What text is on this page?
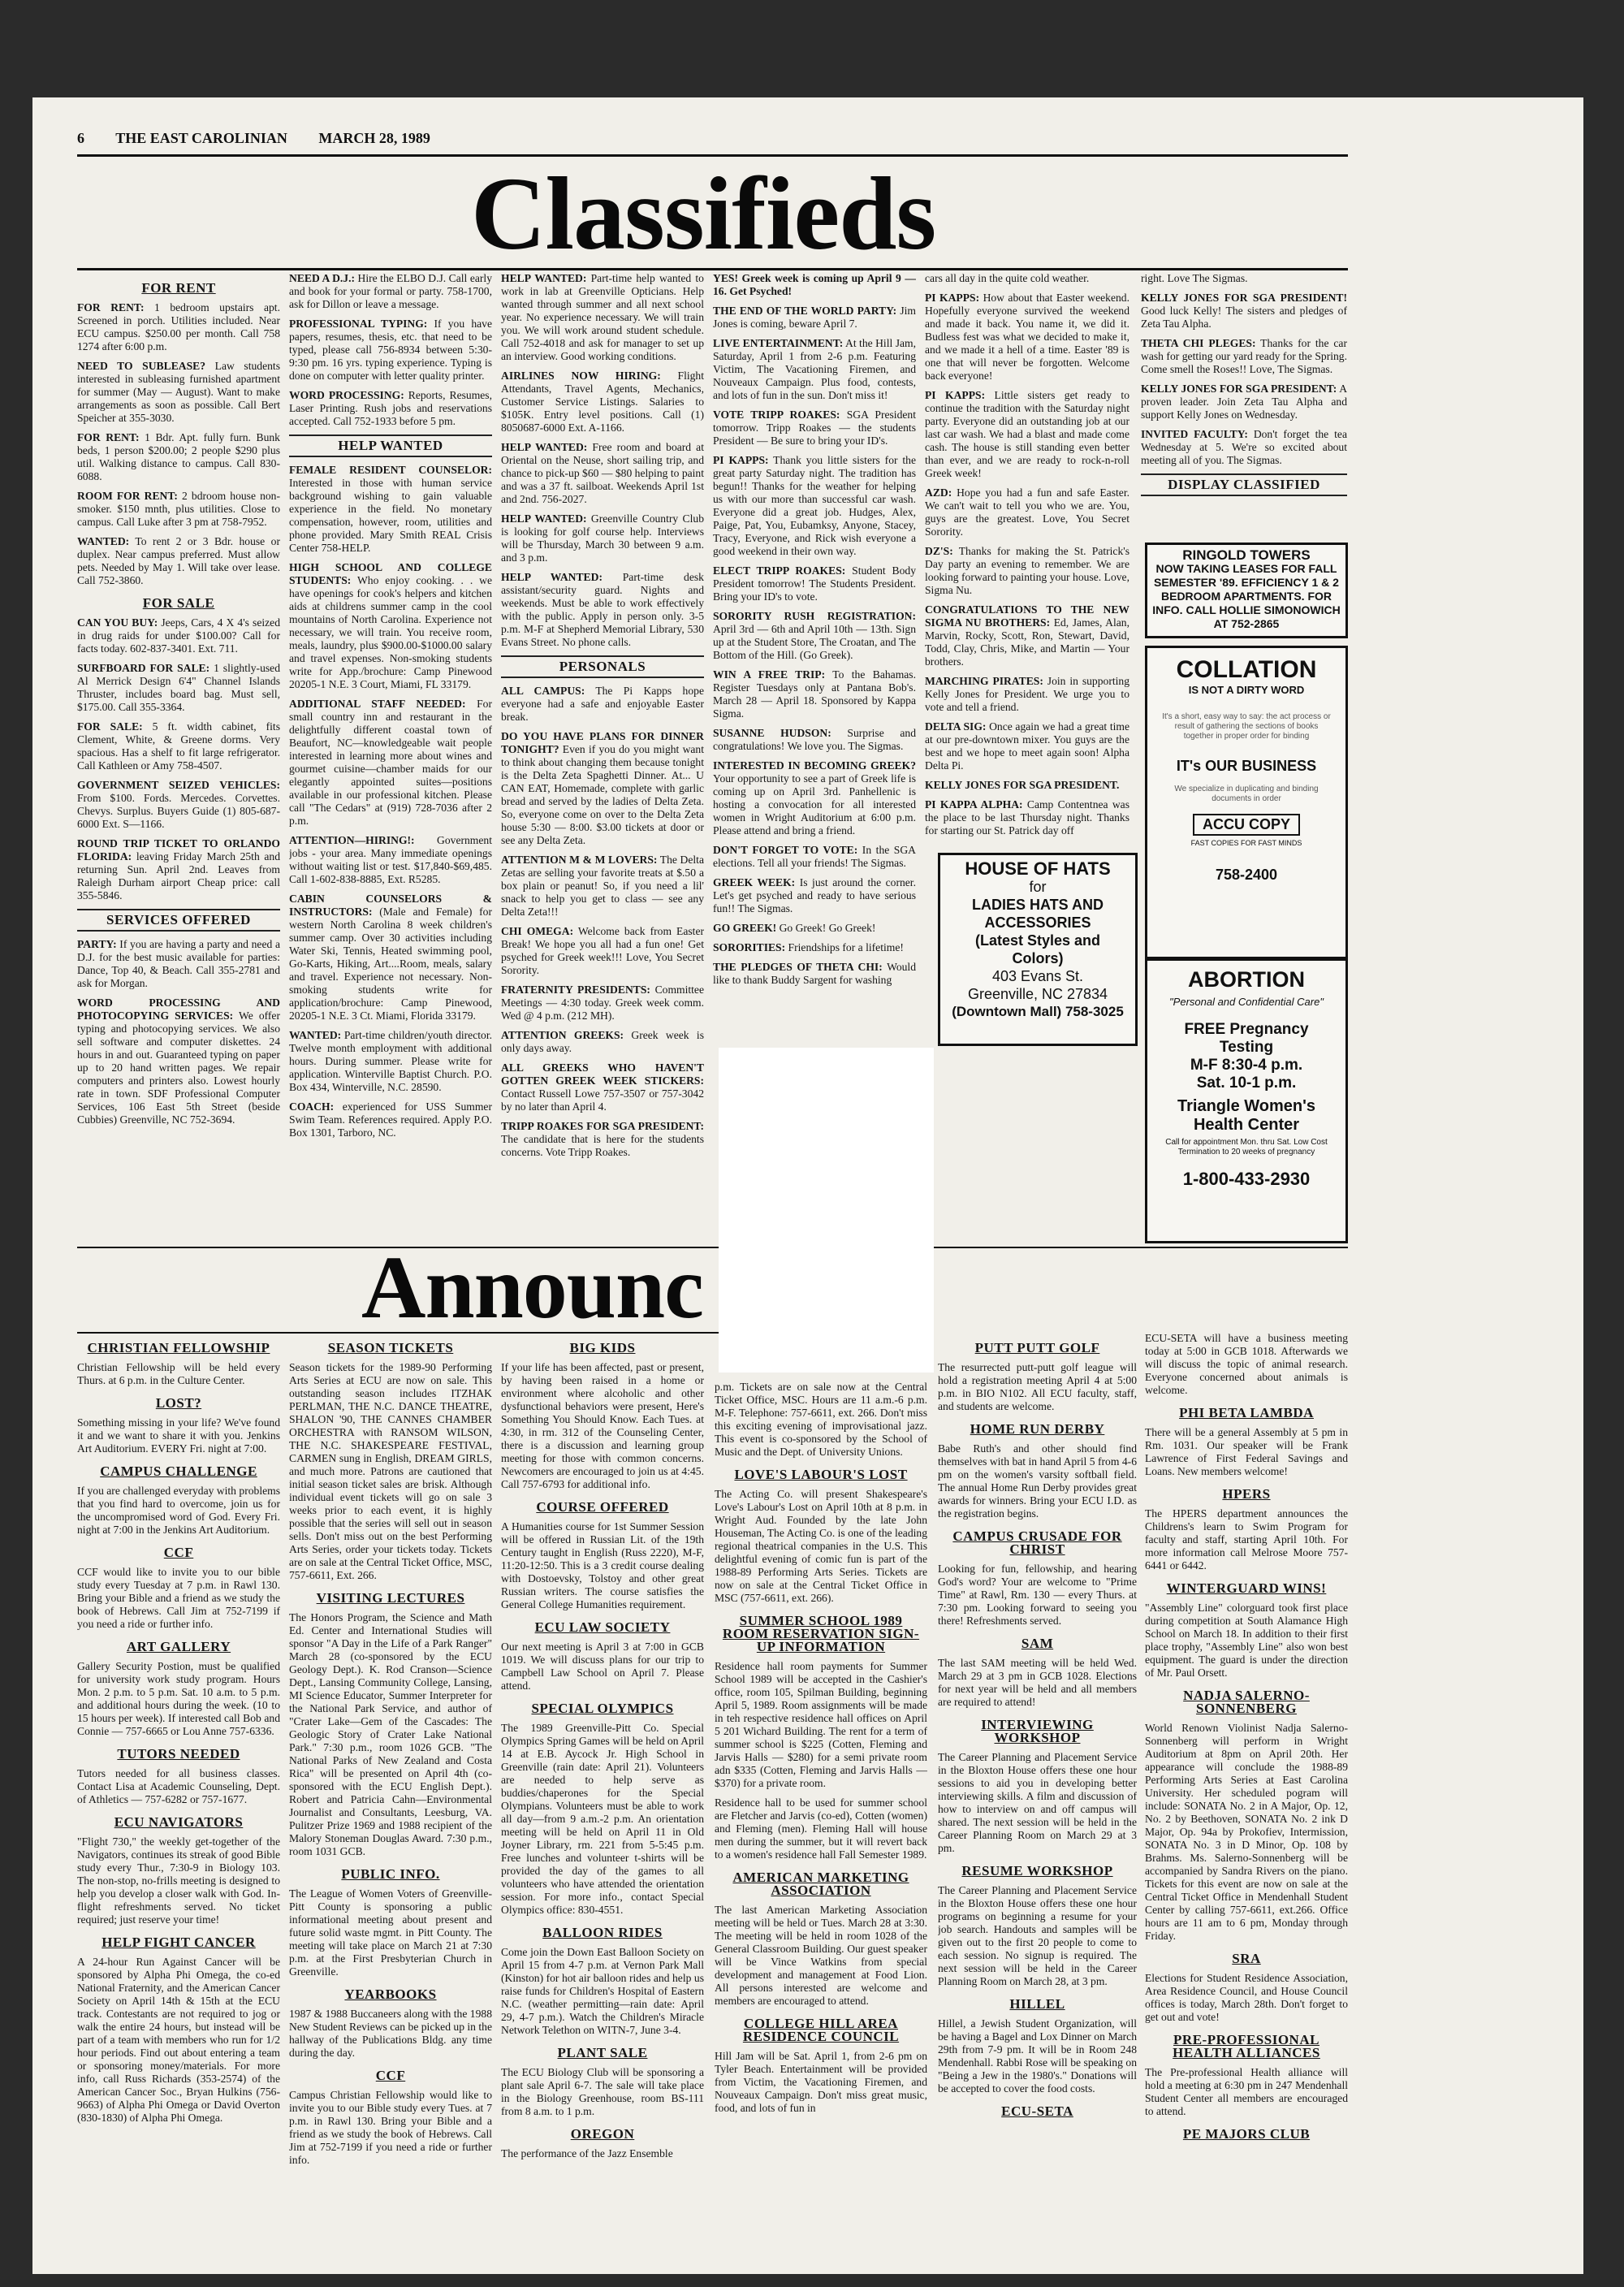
6 THE EAST CAROLINIAN MARCH 28, 1989
Classifieds
FOR RENT

FOR RENT: 1 bedroom upstairs apt. Screened in porch. Utilities included. Near ECU campus. $250.00 per month. Call 758 1274 after 6:00 p.m.

NEED TO SUBLEASE? Law students interested in subleasing furnished apartment for summer (May — August). Want to make arrangements as soon as possible. Call Bert Speicher at 355-3030.

FOR RENT: 1 Bdr. Apt. fully furn. Bunk beds, 1 person $200.00; 2 people $290 plus util. Walking distance to campus. Call 830-6088.

ROOM FOR RENT: 2 bdroom house non-smoker. $150 mnth, plus utilities. Close to campus. Call Luke after 3 pm at 758-7952.

WANTED: To rent 2 or 3 Bdr. house or duplex. Near campus preferred. Must allow pets. Needed by May 1. Will take over lease. Call 752-3860.

FOR SALE

CAN YOU BUY: Jeeps, Cars, 4 X 4's seized in drug raids for under $100.00? Call for facts today. 602-837-3401. Ext. 711.

SURFBOARD FOR SALE: 1 slightly-used Al Merrick Design 6'4" Channel Islands Thruster, includes board bag. Must sell, $175.00. Call 355-3364.

FOR SALE: 5 ft. width cabinet, fits Clement, White, & Greene dorms. Very spacious. Has a shelf to fit large refrigerator. Call Kathleen or Amy 758-4507.

GOVERNMENT SEIZED VEHICLES: From $100. Fords. Mercedes. Corvettes. Chevys. Surplus. Buyers Guide (1) 805-687-6000 Ext. S—1166.

ROUND TRIP TICKET TO ORLANDO FLORIDA: leaving Friday March 25th and returning Sun. April 2nd. Leaves from Raleigh Durham airport Cheap price: call 355-5846.

SERVICES OFFERED

PARTY: If you are having a party and need a D.J. for the best music available for parties: Dance, Top 40, & Beach. Call 355-2781 and ask for Morgan.

WORD PROCESSING AND PHOTOCOPYING SERVICES: We offer typing and photocopying services. We also sell software and computer diskettes. 24 hours in and out. Guaranteed typing on paper up to 20 hand written pages. We repair computers and printers also. Lowest hourly rate in town. SDF Professional Computer Services, 106 East 5th Street (beside Cubbies) Greenville, NC 752-3694.

NEED A D.J.: Hire the ELBO D.J. Call early and book for your formal or party. 758-1700, ask for Dillon or leave a message.

PROFESSIONAL TYPING: If you have papers, resumes, thesis, etc. that need to be typed, please call 756-8934 between 5:30-9:30 pm. 16 yrs. typing experience. Typing is done on computer with letter quality printer.

WORD PROCESSING: Reports, Resumes, Laser Printing. Rush jobs and reservations accepted. Call 752-1933 before 5 pm.

HELP WANTED

FEMALE RESIDENT COUNSELOR: Interested in those with human service background wishing to gain valuable experience in the field. No monetary compensation, however, room, utilities and phone provided. Mary Smith REAL Crisis Center 758-HELP.

HIGH SCHOOL AND COLLEGE STUDENTS: Who enjoy cooking. . . we have openings for cook's helpers and kitchen aids at childrens summer camp in the cool mountains of North Carolina. Experience not necessary, we will train. You receive room, meals, laundry, plus $900.00-$1000.00 salary and travel expenses. Non-smoking students write for App./brochure: Camp Pinewood 20205-1 N.E. 3 Court, Miami, FL 33179.

ADDITIONAL STAFF NEEDED: For small country inn and restaurant in the delightfully different coastal town of Beaufort, NC—knowledgeable wait people interested in learning more about wines and gourmet cuisine—chamber maids for our elegantly appointed suites—positions available in our professional kitchen. Please call "The Cedars" at (919) 728-7036 after 2 p.m.

ATTENTION—HIRING!: Government jobs - your area. Many immediate openings without waiting list or test. $17,840-$69,485. Call 1-602-838-8885, Ext. R5285.

CABIN COUNSELORS & INSTRUCTORS: (Male and Female) for western North Carolina 8 week children's summer camp. Over 30 activities including Water Ski, Tennis, Heated swimming pool, Go-Karts, Hiking, Art....Room, meals, salary and travel. Experience not necessary. Non-smoking students write for application/brochure: Camp Pinewood, 20205-1 N.E. 3 Ct. Miami, Florida 33179.

WANTED: Part-time children/youth director. Twelve month employment with additional hours. During summer. Please write for application. Winterville Baptist Church. P.O. Box 434, Winterville, N.C. 28590.

COACH: experienced for USS Summer Swim Team. References required. Apply P.O. Box 1301, Tarboro, NC.

HELP WANTED: Part-time help wanted to work in lab at Greenville Opticians. Help wanted through summer and all next school year. No experience necessary. We will train you. We will work around student schedule. Call 752-4018 and ask for manager to set up an interview. Good working conditions.

AIRLINES NOW HIRING: Flight Attendants, Travel Agents, Mechanics, Customer Service Listings. Salaries to $105K. Entry level positions. Call (1) 8050687-6000 Ext. A-1166.

HELP WANTED: Free room and board at Oriental on the Neuse, short sailing trip, and chance to pick-up $60 — $80 helping to paint and was a 37 ft. sailboat. Weekends April 1st and 2nd. 756-2027.

HELP WANTED: Greenville Country Club is looking for golf course help. Interviews will be Thursday, March 30 between 9 a.m. and 3 p.m.

HELP WANTED: Part-time desk assistant/security guard. Nights and weekends. Must be able to work effectively with the public. Apply in person only. 3-5 p.m. M-F at Shepherd Memorial Library, 530 Evans Street. No phone calls.

PERSONALS

ALL CAMPUS: The Pi Kapps hope everyone had a safe and enjoyable Easter break.

DO YOU HAVE PLANS FOR DINNER TONIGHT? Even if you do you might want to think about changing them because tonight is the Delta Zeta Spaghetti Dinner. At... U CAN EAT, Homemade, complete with garlic bread and served by the ladies of Delta Zeta. So, everyone come on over to the Delta Zeta house 5:30 — 8:00. $3.00 tickets at door or see any Delta Zeta.

ATTENTION M & M LOVERS: The Delta Zetas are selling your favorite treats at $.50 a box plain or peanut! So, if you need a lil' snack to help you get to class — see any Delta Zeta!!!

CHI OMEGA: Welcome back from Easter Break! We hope you all had a fun one! Get psyched for Greek week!!! Love, You Secret Sorority.

FRATERNITY PRESIDENTS: Committee Meetings — 4:30 today. Greek week comm. Wed @ 4 p.m. (212 MH).

ATTENTION GREEKS: Greek week is only days away.

ALL GREEKS WHO HAVEN'T GOTTEN GREEK WEEK STICKERS: Contact Russell Lowe 757-3507 or 757-3042 by no later than April 4.

TRIPP ROAKES FOR SGA PRESIDENT: The candidate that is here for the students concerns. Vote Tripp Roakes.

YES! Greek week is coming up April 9 — 16. Get Psyched!

THE END OF THE WORLD PARTY: Jim Jones is coming, beware April 7.

LIVE ENTERTAINMENT: At the Hill Jam, Saturday, April 1 from 2-6 p.m. Featuring Victim, The Vacationing Firemen, and Nouveaux Campaign. Plus food, contests, and lots of fun in the sun. Don't miss it!

VOTE TRIPP ROAKES: SGA President tomorrow. Tripp Roakes — the students President — Be sure to bring your ID's.

PI KAPPS: Thank you little sisters for the great party Saturday night. The tradition has begun!! Thanks for the weather for helping us with our more than successful car wash. Everyone did a great job. Hudges, Alex, Paige, Pat, You, Eubamksy, Anyone, Stacey, Tracy, Everyone, and Rick wish everyone a good weekend in their own way.

ELECT TRIPP ROAKES: Student Body President tomorrow! The Students President. Bring your ID's to vote.

SORORITY RUSH REGISTRATION: April 3rd — 6th and April 10th — 13th. Sign up at the Student Store, The Croatan, and The Bottom of the Hill. (Go Greek).

WIN A FREE TRIP: To the Bahamas. Register Tuesdays only at Pantana Bob's. March 28 — April 18. Sponsored by Kappa Sigma.

SUSANNE HUDSON: Surprise and congratulations! We love you. The Sigmas.

INTERESTED IN BECOMING GREEK? Your opportunity to see a part of Greek life is coming up on April 3rd. Panhellenic is hosting a convocation for all interested women in Wright Auditorium at 6:00 p.m. Please attend and bring a friend.

DON'T FORGET TO VOTE: In the SGA elections. Tell all your friends! The Sigmas.

GREEK WEEK: Is just around the corner. Let's get psyched and ready to have serious fun!! The Sigmas.

GO GREEK! Go Greek! Go Greek!

SORORITIES: Friendships for a lifetime!

THE PLEDGES OF THETA CHI: Would like to thank Buddy Sargent for washing

cars all day in the quite cold weather.

PI KAPPS: How about that Easter weekend. Hopefully everyone survived the weekend and made it back. You name it, we did it. Budless fest was what we decided to make it, and we made it a hell of a time. Easter '89 is one that will never be forgotten. Welcome back everyone!

PI KAPPS: Little sisters get ready to continue the tradition with the Saturday night party. Everyone did an outstanding job at our last car wash. We had a blast and made come cash. The house is still standing even better than ever, and we are ready to rock-n-roll Greek week!

AZD: Hope you had a fun and safe Easter. We can't wait to tell you who we are. You, guys are the greatest. Love, You Secret Sorority.

DZ'S: Thanks for making the St. Patrick's Day party an evening to remember. We are looking forward to painting your house. Love, Sigma Nu.

CONGRATULATIONS TO THE NEW SIGMA NU BROTHERS: Ed, James, Alan, Marvin, Rocky, Scott, Ron, Stewart, David, Todd, Clay, Chris, Mike, and Martin — Your brothers.

MARCHING PIRATES: Join in supporting Kelly Jones for President. We urge you to vote and tell a friend.

DELTA SIG: Once again we had a great time at our pre-downtown mixer. You guys are the best and we hope to meet again soon! Alpha Delta Pi.

KELLY JONES FOR SGA PRESIDENT.

PI KAPPA ALPHA: Camp Contentnea was the place to be last Thursday night. Thanks for starting our St. Patrick day off

right. Love The Sigmas.

KELLY JONES FOR SGA PRESIDENT! Good luck Kelly! The sisters and pledges of Zeta Tau Alpha.

THETA CHI PLEGES: Thanks for the car wash for getting our yard ready for the Spring. Come smell the Roses!! Love, The Sigmas.

KELLY JONES FOR SGA PRESIDENT: A proven leader. Join Zeta Tau Alpha and support Kelly Jones on Wednesday.

INVITED FACULTY: Don't forget the tea Wednesday at 5. We're so excited about meeting all of you. The Sigmas.

DISPLAY CLASSIFIED
RINGOLD TOWERS
NOW TAKING LEASES FOR FALL
SEMESTER '89. EFFICIENCY 1 & 2
BEDROOM APARTMENTS. FOR
INFO. CALL HOLLIE SIMONOWICH
AT 752-2865
COLLATION
IS NOT A DIRTY WORD
It's a short, easy way to say: the act process or result of gathering the sections of books together in proper order for binding
IT's OUR BUSINESS
We specialize in duplicating and binding documents in order
ACCU COPY
FAST COPIES FOR FAST MINDS
758-2400
HOUSE OF HATS
for
LADIES HATS AND
ACCESSORIES
(Latest Styles and
Colors)
403 Evans St.
Greenville, NC 27834
(Downtown Mall) 758-3025
ABORTION
"Personal and Confidential Care"
FREE Pregnancy
Testing
M-F 8:30-4 p.m.
Sat. 10-1 p.m.
Triangle Women's
Health Center
Call for appointment Mon. thru Sat. Low Cost Termination to 20 weeks of pregnancy
1-800-433-2930
Announc
CHRISTIAN FELLOWSHIP

Christian Fellowship will be held every Thurs. at 6 p.m. in the Culture Center.

LOST?

Something missing in your life? We've found it and we want to share it with you. Jenkins Art Auditorium. EVERY Fri. night at 7:00.

CAMPUS CHALLENGE

If you are challenged everyday with problems that you find hard to overcome, join us for the uncompromised word of God. Every Fri. night at 7:00 in the Jenkins Art Auditorium.

CCF

CCF would like to invite you to our bible study every Tuesday at 7 p.m. in Rawl 130. Bring your Bible and a friend as we study the book of Hebrews. Call Jim at 752-7199 if you need a ride or further info.

ART GALLERY

Gallery Security Postion, must be qualified for university work study program. Hours Mon. 2 p.m. to 5 p.m. Sat. 10 a.m. to 5 p.m. and additional hours during the week. (10 to 15 hours per week). If interested call Bob and Connie — 757-6665 or Lou Anne 757-6336.

TUTORS NEEDED

Tutors needed for all business classes. Contact Lisa at Academic Counseling, Dept. of Athletics — 757-6282 or 757-1677.

ECU NAVIGATORS

"Flight 730," the weekly get-together of the Navigators, continues its streak of good Bible study every Thur., 7:30-9 in Biology 103. The non-stop, no-frills meeting is designed to help you develop a closer walk with God. In-flight refreshments served. No ticket required; just reserve your time!

HELP FIGHT CANCER

A 24-hour Run Against Cancer will be sponsored by Alpha Phi Omega, the co-ed National Fraternity, and the American Cancer Society on April 14th & 15th at the ECU track. Contestants are not required to jog or walk the entire 24 hours, but instead will be part of a team with members who run for 1/2 hour periods. Find out about entering a team or sponsoring money/materials. For more info, call Russ Richards (353-2574) of the American Cancer Soc., Bryan Hulkins (756-9663) of Alpha Phi Omega or David Overton (830-1830) of Alpha Phi Omega.

SEASON TICKETS

Season tickets for the 1989-90 Performing Arts Series at ECU are now on sale. This outstanding season includes ITZHAK PERLMAN, THE N.C. DANCE THEATRE, SHALON '90, THE CANNES CHAMBER ORCHESTRA with RANSOM WILSON, THE N.C. SHAKESPEARE FESTIVAL, CARMEN sung in English, DREAM GIRLS, and much more. Patrons are cautioned that initial season ticket sales are brisk. Although individual event tickets will go on sale 3 weeks prior to each event, it is highly possible that the series will sell out in season sells. Don't miss out on the best Performing Arts Series, order your tickets today. Tickets are on sale at the Central Ticket Office, MSC, 757-6611, Ext. 266.

VISITING LECTURES

The Honors Program, the Science and Math Ed. Center and International Studies will sponsor "A Day in the Life of a Park Ranger" March 28 (co-sponsored by the ECU Geology Dept.). K. Rod Cranson—Science Dept., Lansing Community College, Lansing, MI Science Educator, Summer Interpreter for the National Park Service, and author of "Crater Lake—Gem of the Cascades: The Geologic Story of Crater Lake National Park." 7:30 p.m., room 1026 GCB. "The National Parks of New Zealand and Costa Rica" will be presented on April 4th (co-sponsored with the ECU English Dept.). Robert and Patricia Cahn—Environmental Journalist and Consultants, Leesburg, VA. Pulitzer Prize 1969 and 1988 recipient of the Malory Stoneman Douglas Award. 7:30 p.m., room 1031 GCB.

PUBLIC INFO.

The League of Women Voters of Greenville-Pitt County is sponsoring a public informational meeting about present and future solid waste mgmt. in Pitt County. The meeting will take place on March 21 at 7:30 p.m. at the First Presbyterian Church in Greenville.

YEARBOOKS

1987 & 1988 Buccaneers along with the 1988 New Student Reviews can be picked up in the hallway of the Publications Bldg. any time during the day.

CCF

Campus Christian Fellowship would like to invite you to our Bible study every Tues. at 7 p.m. in Rawl 130. Bring your Bible and a friend as we study the book of Hebrews. Call Jim at 752-7199 if you need a ride or further info.

BIG KIDS

If your life has been affected, past or present, by having been raised in a home or environment where alcoholic and other dysfunctional behaviors were present, Here's Something You Should Know. Each Tues. at 4:30, in rm. 312 of the Counseling Center, there is a discussion and learning group meeting for those with common concerns. Newcomers are encouraged to join us at 4:45. Call 757-6793 for additional info.

COURSE OFFERED

A Humanities course for 1st Summer Session will be offered in Russian Lit. of the 19th Century taught in English (Russ 2220), M-F, 11:20-12:50. This is a 3 credit course dealing with Dostoevsky, Tolstoy and other great Russian writers. The course satisfies the General College Humanities requirement.

ECU LAW SOCIETY

Our next meeting is April 3 at 7:00 in GCB 1019. We will discuss plans for our trip to Campbell Law School on April 7. Please attend.

SPECIAL OLYMPICS

The 1989 Greenville-Pitt Co. Special Olympics Spring Games will be held on April 14 at E.B. Aycock Jr. High School in Greenville (rain date: April 21). Volunteers are needed to help serve as buddies/chaperones for the Special Olympians. Volunteers must be able to work all day—from 9 a.m.-2 p.m. An orientation meeting will be held on April 11 in Old Joyner Library, rm. 221 from 5-5:45 p.m. Free lunches and volunteer t-shirts will be provided the day of the games to all volunteers who have attended the orientation session. For more info., contact Special Olympics office: 830-4551.

BALLOON RIDES

Come join the Down East Balloon Society on April 15 from 4-7 p.m. at Vernon Park Mall (Kinston) for hot air balloon rides and help us raise funds for Children's Hospital of Eastern N.C. (weather permitting—rain date: April 29, 4-7 p.m.). Watch the Children's Miracle Network Telethon on WITN-7, June 3-4.

PLANT SALE

The ECU Biology Club will be sponsoring a plant sale April 6-7. The sale will take place in the Biology Greenhouse, room BS-111 from 8 a.m. to 1 p.m.

OREGON

The performance of the Jazz Ensemble

p.m. Tickets are on sale now at the Central Ticket Office, MSC. Hours are 11 a.m.-6 p.m. M-F. Telephone: 757-6611, ext. 266. Don't miss this exciting evening of improvisational jazz. This event is co-sponsored by the School of Music and the Dept. of University Unions.

LOVE'S LABOUR'S LOST

The Acting Co. will present Shakespeare's Love's Labour's Lost on April 10th at 8 p.m. in Wright Aud. Founded by the late John Houseman, The Acting Co. is one of the leading regional theatrical companies in the U.S. This delightful evening of comic fun is part of the 1988-89 Performing Arts Series. Tickets are now on sale at the Central Ticket Office in MSC (757-6611, ext. 266).

SUMMER SCHOOL 1989 ROOM RESERVATION SIGN-UP INFORMATION

Residence hall room payments for Summer School 1989 will be accepted in the Cashier's office, room 105, Spilman Building, beginning April 5, 1989. Room assignments will be made in teh respective residence hall offices on April 5 201 Wichard Building. The rent for a term of summer school is $225 (Cotten, Fleming and Jarvis Halls — $280) for a semi private room adn $335 (Cotten, Fleming and Jarvis Halls — $370) for a private room.

Residence hall to be used for summer school are Fletcher and Jarvis (co-ed), Cotten (women) and Fleming (men). Fleming Hall will house men during the summer, but it will revert back to a women's residence hall Fall Semester 1989.

AMERICAN MARKETING ASSOCIATION

The last American Marketing Association meeting will be held or Tues. March 28 at 3:30. The meeting will be held in room 1028 of the General Classroom Building. Our guest speaker will be Vince Watkins from special development and management at Food Lion. All persons interested are welcome and members are encouraged to attend.

COLLEGE HILL AREA RESIDENCE COUNCIL

Hill Jam will be Sat. April 1, from 2-6 pm on Tyler Beach. Entertainment will be provided from Victim, the Vacationing Firemen, and Nouveaux Campaign. Don't miss great music, food, and lots of fun in

PUTT PUTT GOLF

The resurrected putt-putt golf league will hold a registration meeting April 4 at 5:00 p.m. in BIO N102. All ECU faculty, staff, and students are welcome.

HOME RUN DERBY

Babe Ruth's and other should find themselves with bat in hand April 5 from 4-6 pm on the women's varsity softball field. The annual Home Run Derby provides great awards for winners. Bring your ECU I.D. as the registration begins.

CAMPUS CRUSADE FOR CHRIST

Looking for fun, fellowship, and hearing God's word? Your are welcome to "Prime Time" at Rawl, Rm. 130 — every Thurs. at 7:30 pm. Looking forward to seeing you there! Refreshments served.

SAM

The last SAM meeting will be held Wed. March 29 at 3 pm in GCB 1028. Elections for next year will be held and all members are required to attend!

INTERVIEWING WORKSHOP

The Career Planning and Placement Service in the Bloxton House offers these one hour sessions to aid you in developing better interviewing skills. A film and discussion of how to interview on and off campus will shared. The next session will be held in the Career Planning Room on March 29 at 3 pm.

RESUME WORKSHOP

The Career Planning and Placement Service in the Bloxton House offers these one hour programs on beginning a resume for your job search. Handouts and samples will be given out to the first 20 people to come to each session. No signup is required. The next session will be held in the Career Planning Room on March 28, at 3 pm.

HILLEL

Hillel, a Jewish Student Organization, will be having a Bagel and Lox Dinner on March 29th from 7-9 pm. It will be in Room 248 Mendenhall. Rabbi Rose will be speaking on "Being a Jew in the 1980's." Donations will be accepted to cover the food costs.

ECU-SETA

ECU-SETA will have a business meeting today at 5:00 in GCB 1018. Afterwards we will discuss the topic of animal research. Everyone concerned about animals is welcome.

PHI BETA LAMBDA

There will be a general Assembly at 5 pm in Rm. 1031. Our speaker will be Frank Lawrence of First Federal Savings and Loans. New members welcome!

HPERS

The HPERS department announces the Childrens's learn to Swim Program for faculty and staff, starting April 10th. For more information call Melrose Moore 757-6441 or 6442.

WINTERGUARD WINS!

"Assembly Line" colorguard took first place during competition at South Alamance High School on March 18. In addition to their first place trophy, "Assembly Line" also won best equipment. The guard is under the direction of Mr. Paul Orsett.

NADJA SALERNO-SONNENBERG

World Renown Violinist Nadja Salerno-Sonnenberg will perform in Wright Auditorium at 8pm on April 20th. Her appearance will conclude the 1988-89 Performing Arts Series at East Carolina University. Her scheduled pogram will include: SONATA No. 2 in A Major, Op. 12, No. 2 by Beethoven, SONATA No. 2 ink D Major, Op. 94a by Prokofiev, Intermission, SONATA No. 3 in D Minor, Op. 108 by Brahms. Ms. Salerno-Sonnenberg will be accompanied by Sandra Rivers on the piano. Tickets for this event are now on sale at the Central Ticket Office in Mendenhall Student Center by calling 757-6611, ext.266. Office hours are 11 am to 6 pm, Monday through Friday.

SRA

Elections for Student Residence Association, Area Residence Council, and House Council offices is today, March 28th. Don't forget to get out and vote!

PRE-PROFESSIONAL HEALTH ALLIANCES

The Pre-professional Health alliance will hold a meeting at 6:30 pm in 247 Mendenhall Student Center all members are encouraged to attend.

PE MAJORS CLUB
